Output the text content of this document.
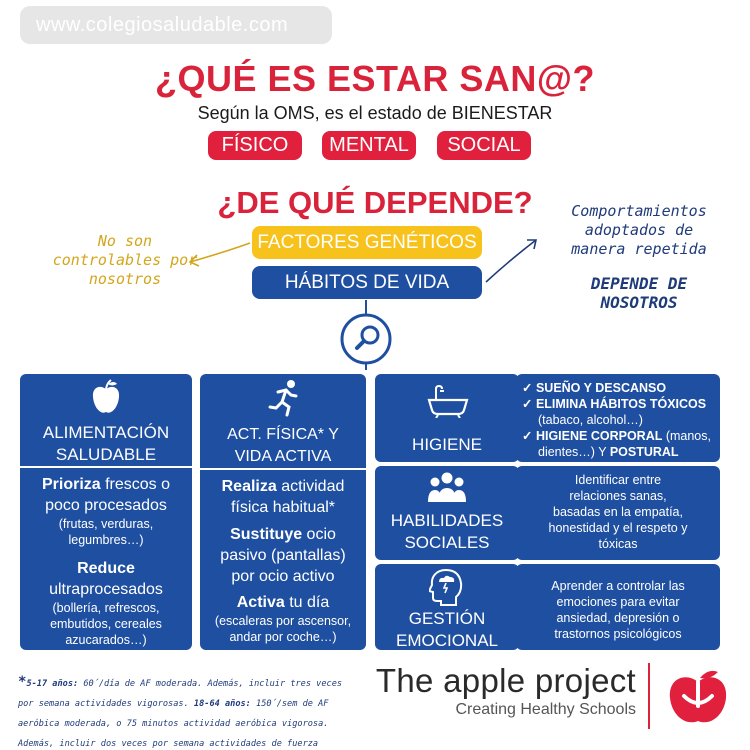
www.colegiosaludable.com
¿QUÉ ES ESTAR SAN@?
Según la OMS, es el estado de BIENESTAR
FÍSICO	MENTAL	SOCIAL
¿DE QUÉ DEPENDE?
FACTORES GENÉTICOS
HÁBITOS DE VIDA
No son
controlables por
nosotros
Comportamientos
adoptados de
manera repetida
DEPENDE DE
NOSOTROS
ALIMENTACIÓN
SALUDABLE
Prioriza frescos o
poco procesados
(frutas, verduras,
legumbres…)
Reduce
ultraprocesados
(bollería, refrescos,
embutidos, cereales
azucarados…)
ACT. FÍSICA* Y
VIDA ACTIVA
Realiza actividad
física habitual*
Sustituye ocio
pasivo (pantallas)
por ocio activo
Activa tu día
(escaleras por ascensor,
andar por coche…)
HIGIENE
✓ SUEÑO Y DESCANSO
✓ ELIMINA HÁBITOS TÓXICOS
(tabaco, alcohol…)
✓ HIGIENE CORPORAL (manos,
dientes…) Y POSTURAL
HABILIDADES
SOCIALES
Identificar entre
relaciones sanas,
basadas en la empatía,
honestidad y el respeto y
tóxicas
GESTIÓN
EMOCIONAL
Aprender a controlar las
emociones para evitar
ansiedad, depresión o
trastornos psicológicos
*5-17 años: 60´/día de AF moderada. Además, incluir tres veces
por semana actividades vigorosas. 18-64 años: 150´/sem de AF
aeróbica moderada, o 75 minutos actividad aeróbica vigorosa.
Además, incluir dos veces por semana actividades de fuerza
The apple project
Creating Healthy Schools
